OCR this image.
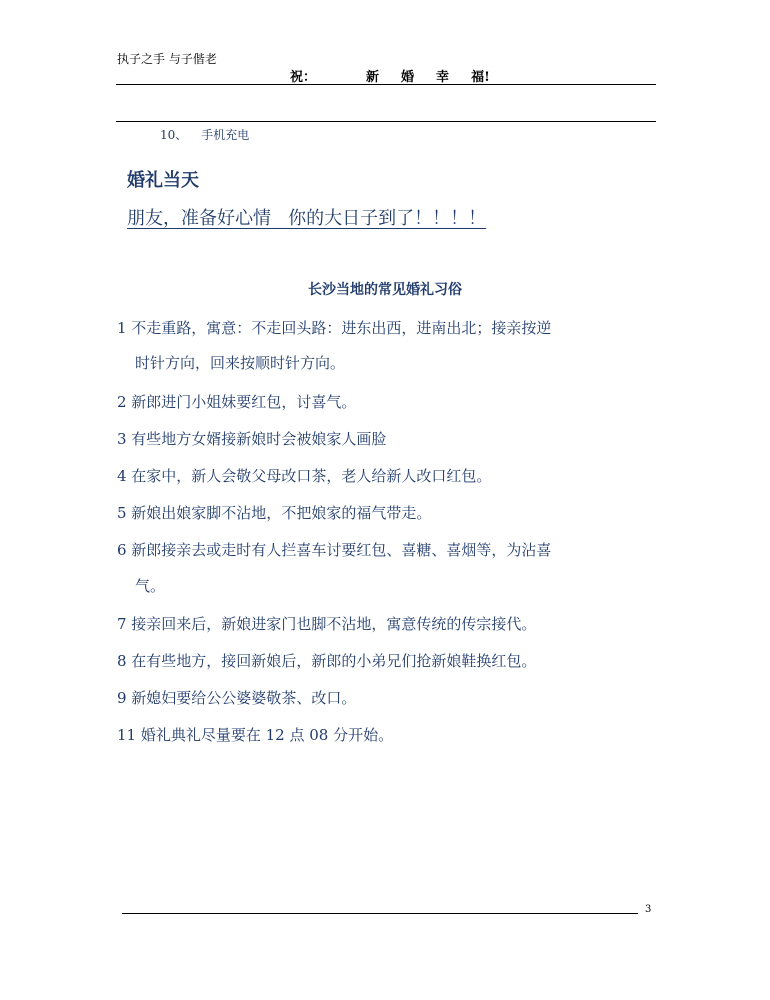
执子之手 与子偕老
祝：	新 婚 幸 福!
10、 手机充电
婚礼当天
朋友，准备好心情   你的大日子到了！！！！
长沙当地的常见婚礼习俗
1 不走重路，寓意：不走回头路：进东出西，进南出北；接亲按逆
时针方向，回来按顺时针方向。
2 新郎进门小姐妹要红包，讨喜气。
3 有些地方女婿接新娘时会被娘家人画脸
4 在家中，新人会敬父母改口茶，老人给新人改口红包。
5 新娘出娘家脚不沾地，不把娘家的福气带走。
6 新郎接亲去或走时有人拦喜车讨要红包、喜糖、喜烟等，为沾喜
气。
7 接亲回来后，新娘进家门也脚不沾地，寓意传统的传宗接代。
8 在有些地方，接回新娘后，新郎的小弟兄们抢新娘鞋换红包。
9 新媳妇要给公公婆婆敬茶、改口。
11 婚礼典礼尽量要在 12 点 08 分开始。
3
